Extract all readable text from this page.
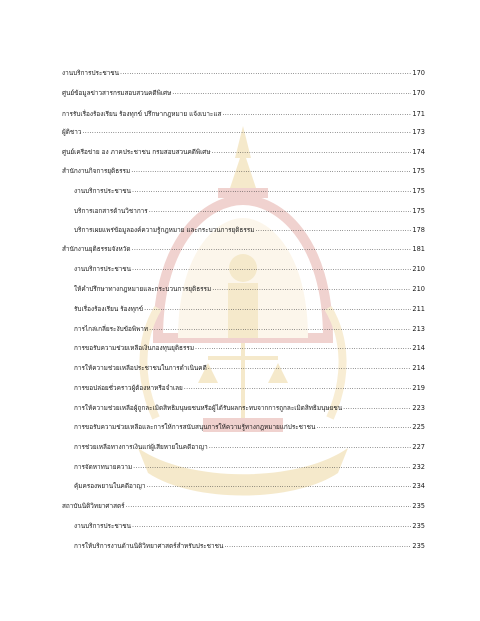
งานบริการประชาชน .....	170
ศูนย์ข้อมูลข่าวสารกรมสอบสวนคดีพิเศษ .....	170
การรับเรื่องร้องเรียน ร้องทุกข์ ปรึกษากฎหมาย แจ้งเบาะแส .....	171
ผู้ติชาว .....	173
ศูนย์เครือข่าย อง ภาคประชาชน กรมสอบสวนคดีพิเศษ .....	174
สำนักงานกิจการยุติธรรม .....	175
งานบริการประชาชน .....	175
บริการเอกสารด้านวิชาการ .....	175
บริการเผยแพร่ข้อมูลองค์ความรู้กฎหมาย และกระบวนการยุติธรรม .....	178
สำนักงานยุติธรรมจังหวัด .....	181
งานบริการประชาชน .....	210
ให้คำปรึกษาทางกฎหมายและกระบวนการยุติธรรม .....	210
รับเรื่องร้องเรียน ร้องทุกข์ .....	211
การไกล่เกลี่ยระงับข้อพิพาท .....	213
การขอรับความช่วยเหลือเงินกองทุนยุติธรรม .....	214
การให้ความช่วยเหลือประชาชนในการดำเนินคดี .....	214
การขอปล่อยชั่วคราวผู้ต้องหาหรือจำเลย .....	219
การให้ความช่วยเหลือผู้ถูกละเมิดสิทธิมนุษยชนหรือผู้ได้รับผลกระทบจากการถูกละเมิดสิทธิมนุษยชน .....	223
การขอรับความช่วยเหลือและการให้การสนับสนุนการให้ความรู้ทางกฎหมายแก่ประชาชน .....	225
การช่วยเหลือทางการเงินแก่ผู้เสียหายในคดีอาญา .....	227
การจัดหาทนายความ .....	232
คุ้มครองพยานในคดีอาญา .....	234
สถาบันนิติวิทยาศาสตร์ .....	235
งานบริการประชาชน .....	235
การให้บริการงานด้านนิติวิทยาศาสตร์สำหรับประชาชน .....	235
